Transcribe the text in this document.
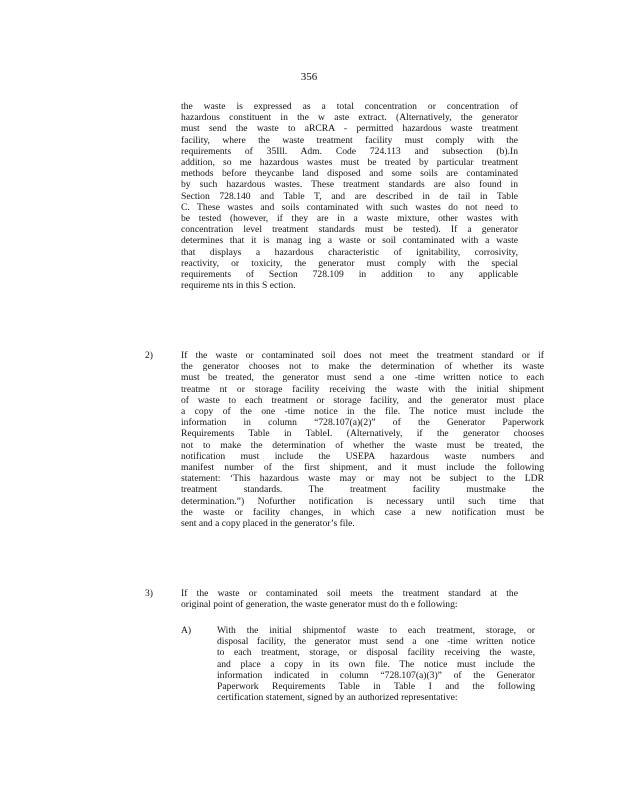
356
the waste is expressed as a total concentration or concentration of
hazardous constituent in the w aste extract. (Alternatively, the generator
must send the waste to aRCRA - permitted hazardous waste treatment
facility, where the waste treatment facility must comply with the
requirements of 35Ill. Adm. Code 724.113 and subsection (b).In
addition, so me hazardous wastes must be treated by particular treatment
methods before theycanbe land disposed and some soils are contaminated
by such hazardous wastes. These treatment standards are also found in
Section 728.140 and Table T, and are described in de tail in Table
C. These wastes and soils contaminated with such wastes do not need to
be tested (however, if they are in a waste mixture, other wastes with
concentration level treatment standards must be tested). If a generator
determines that it is manag ing a waste or soil contaminated with a waste
that displays a hazardous characteristic of ignitability, corrosivity,
reactivity, or toxicity, the generator must comply with the special
requirements of Section 728.109 in addition to any applicable
requireme nts in this S ection.
2)	If the waste or contaminated soil does not meet the treatment standard or if
the generator chooses not to make the determination of whether its waste
must be treated, the generator must send a one -time written notice to each
treatme nt or storage facility receiving the waste with the initial shipment
of waste to each treatment or storage facility, and the generator must place
a copy of the one -time notice in the file. The notice must include the
information in column “728.107(a)(2)” of the Generator Paperwork
Requirements Table in TableI. (Alternatively, if the generator chooses
not to make the determination of whether the waste must be treated, the
notification must include the USEPA hazardous waste numbers and
manifest number of the first shipment, and it must include the following
statement: ‘This hazardous waste may or may not be subject to the LDR
treatment standards. The treatment facility mustmake the
determination.”) Nofurther notification is necessary until such time that
the waste or facility changes, in which case a new notification must be
sent and a copy placed in the generator’s file.
3)	If the waste or contaminated soil meets the treatment standard at the
original point of generation, the waste generator must do th e following:
A)	With the initial shipmentof waste to each treatment, storage, or
disposal facility, the generator must send a one -time written notice
to each treatment, storage, or disposal facility receiving the waste,
and place a copy in its own file. The notice must include the
information indicated in column “728.107(a)(3)” of the Generator
Paperwork Requirements Table in Table I and the following
certification statement, signed by an authorized representative:
